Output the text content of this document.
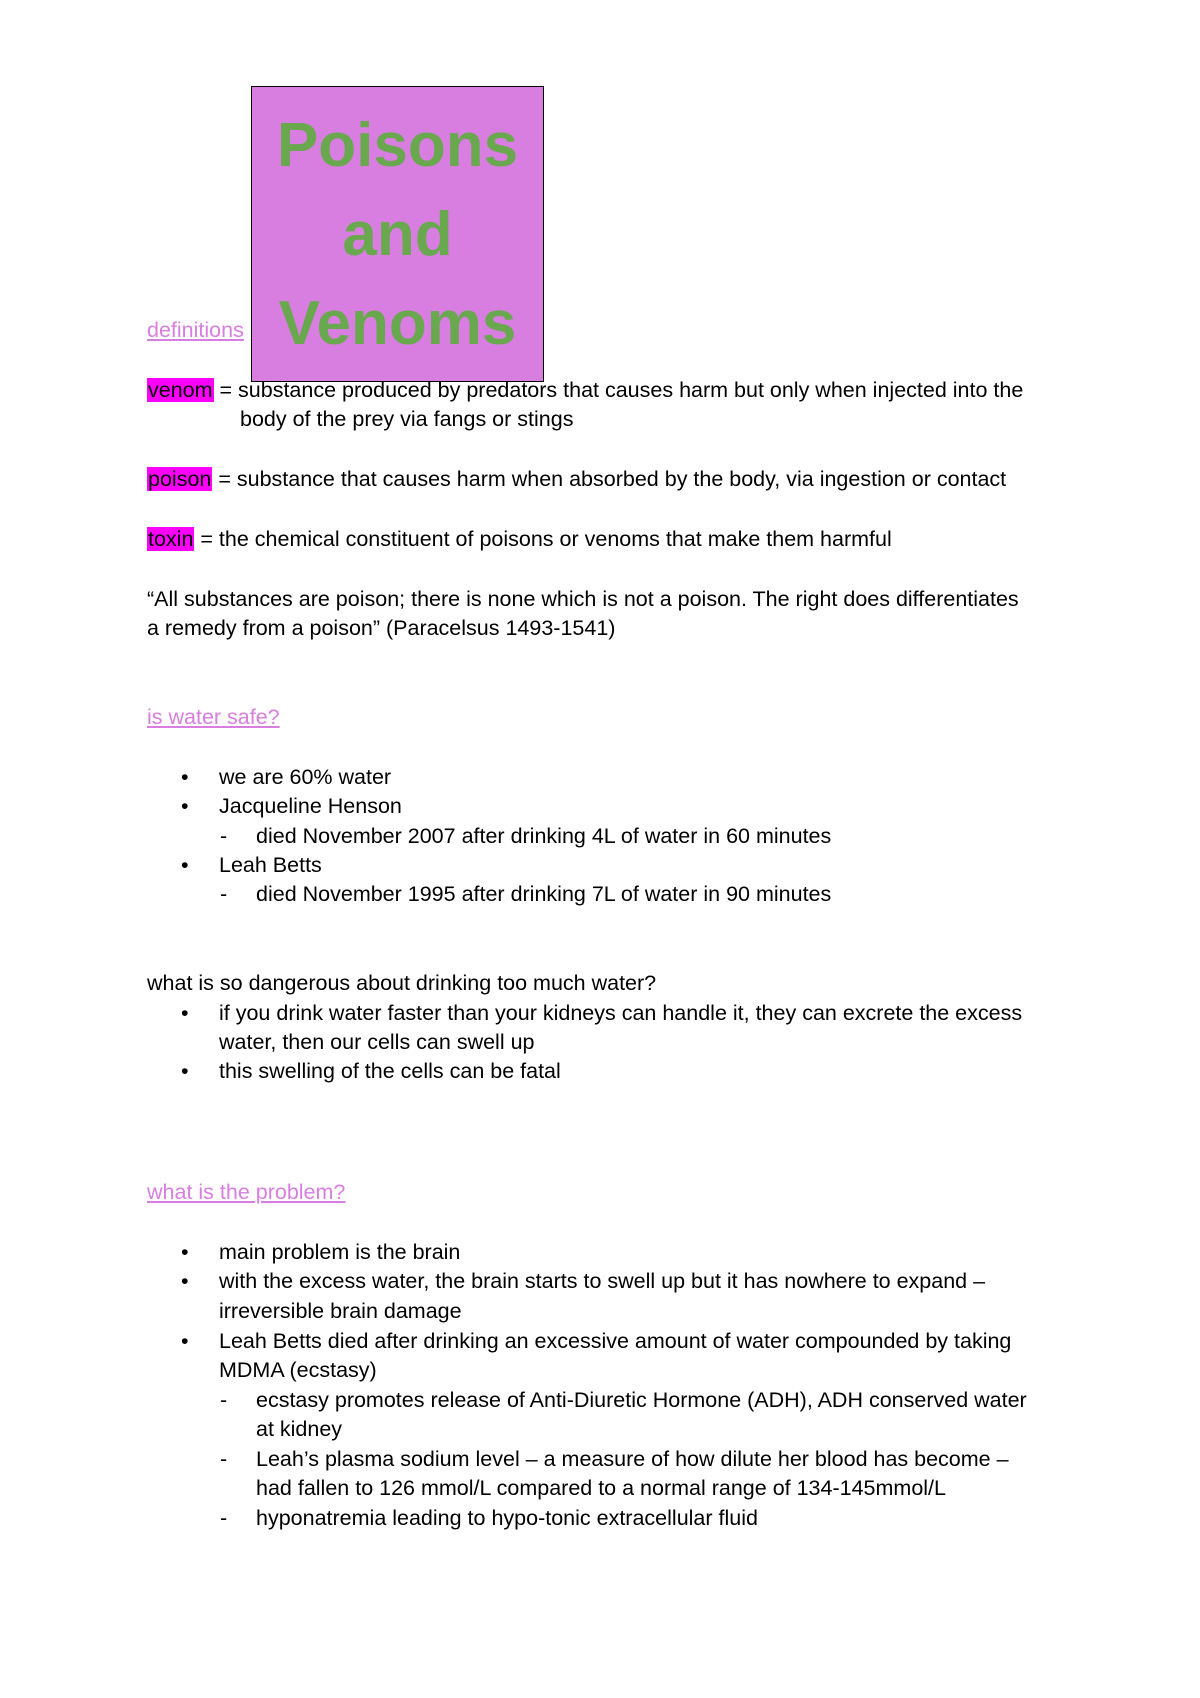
Poisons
and
Venoms
definitions
venom = substance produced by predators that causes harm but only when injected into the
body of the prey via fangs or stings
poison = substance that causes harm when absorbed by the body, via ingestion or contact
toxin = the chemical constituent of poisons or venoms that make them harmful
“All substances are poison; there is none which is not a poison. The right does differentiates
a remedy from a poison” (Paracelsus 1493-1541)
is water safe?
• we are 60% water
• Jacqueline Henson
- died November 2007 after drinking 4L of water in 60 minutes
• Leah Betts
- died November 1995 after drinking 7L of water in 90 minutes
what is so dangerous about drinking too much water?
• if you drink water faster than your kidneys can handle it, they can excrete the excess
water, then our cells can swell up
• this swelling of the cells can be fatal
what is the problem?
• main problem is the brain
• with the excess water, the brain starts to swell up but it has nowhere to expand –
irreversible brain damage
• Leah Betts died after drinking an excessive amount of water compounded by taking
MDMA (ecstasy)
- ecstasy promotes release of Anti-Diuretic Hormone (ADH), ADH conserved water
at kidney
- Leah’s plasma sodium level – a measure of how dilute her blood has become –
had fallen to 126 mmol/L compared to a normal range of 134-145mmol/L
- hyponatremia leading to hypo-tonic extracellular fluid
